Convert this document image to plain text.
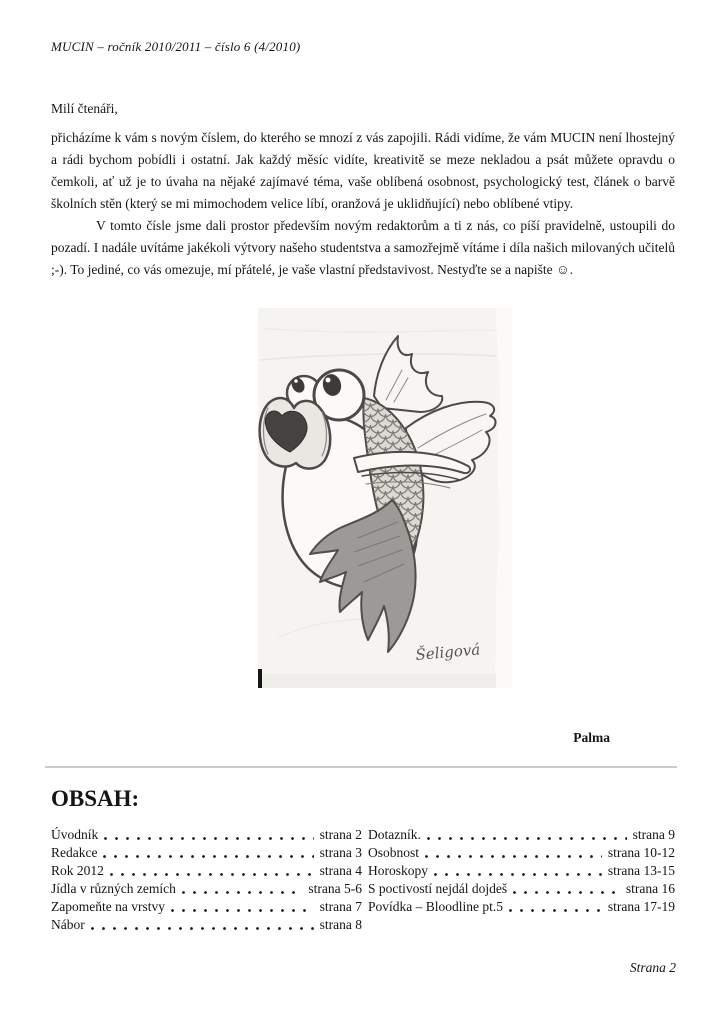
MUCIN – ročník 2010/2011 – číslo 6 (4/2010)
Milí čtenáři,

přicházíme k vám s novým číslem, do kterého se mnozí z vás zapojili. Rádi vidíme, že vám MUCIN není lhostejný a rádi bychom pobídli i ostatní. Jak každý měsíc vidíte, kreativitě se meze nekladou a psát můžete opravdu o čemkoli, ať už je to úvaha na nějaké zajímavé téma, vaše oblíbená osobnost, psychologický test, článek o barvě školních stěn (který se mi mimochodem velice líbí, oranžová je uklidňující) nebo oblíbené vtipy.

V tomto čísle jsme dali prostor především novým redaktorům a ti z nás, co píší pravidelně, ustoupili do pozadí. I nadále uvítáme jakékoli výtvory našeho studentstva a samozřejmě vítáme i díla našich milovaných učitelů ;-). To jediné, co vás omezuje, mí přátelé, je vaše vlastní představivost. Nestyďte se a napište ☺.

Šeligová
Palma
OBSAH:
Úvodník	strana 2
Redakce	strana 3
Rok 2012	strana 4
Jídla v různých zemích	strana 5-6
Zapomeňte na vrstvy	strana 7
Nábor	strana 8
Dotazník.	strana 9
Osobnost	strana 10-12
Horoskopy	strana 13-15
S poctivostí nejdál dojdeš	strana 16
Povídka – Bloodline pt.5	strana 17-19
Strana 2
